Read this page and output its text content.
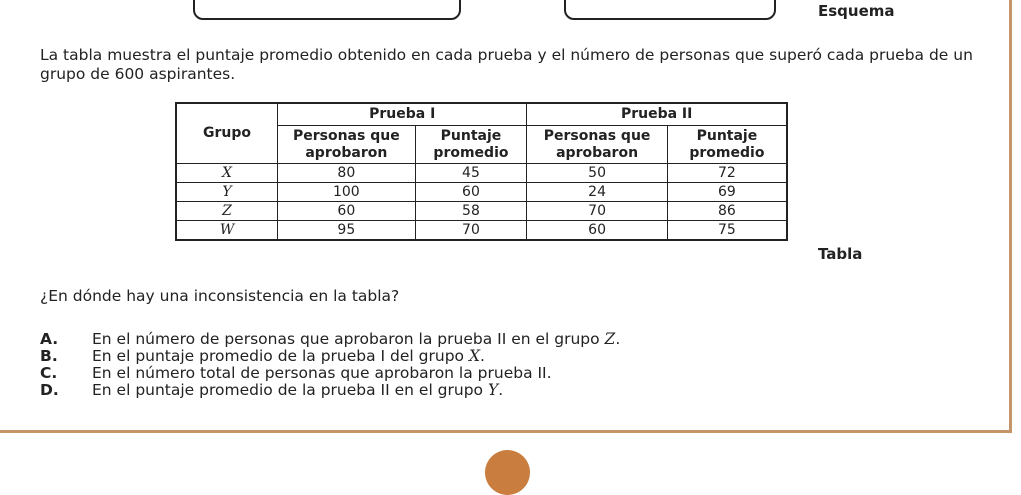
Esquema

La tabla muestra el puntaje promedio obtenido en cada prueba y el número de personas que superó cada prueba de un grupo de 600 aspirantes.

Grupo	Prueba I		Prueba II	
	Personas que aprobaron	Puntaje promedio	Personas que aprobaron	Puntaje promedio
X	80	45	50	72
Y	100	60	24	69
Z	60	58	70	86
W	95	70	60	75
Tabla

¿En dónde hay una inconsistencia en la tabla?

A.	En el número de personas que aprobaron la prueba II en el grupo Z.
B.	En el puntaje promedio de la prueba I del grupo X.
C.	En el número total de personas que aprobaron la prueba II.
D.	En el puntaje promedio de la prueba II en el grupo Y.
